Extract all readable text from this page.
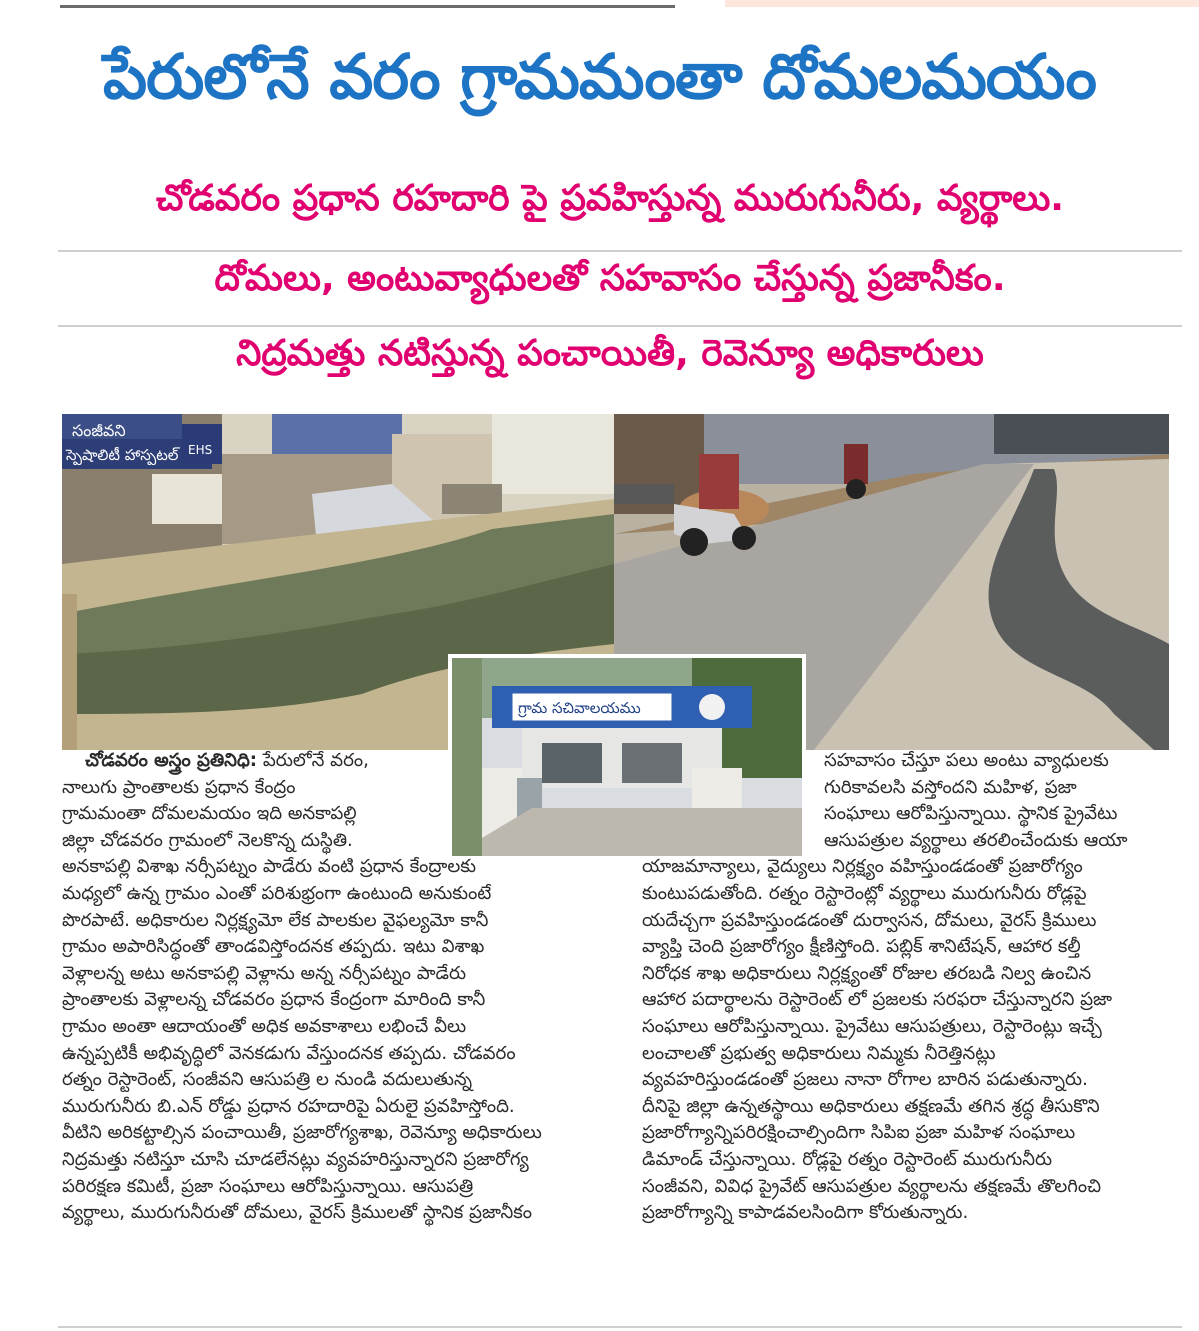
పేరులోనే వరం గ్రామమంతా దోమలమయం
చోడవరం ప్రధాన రహదారి పై ప్రవహిస్తున్న మురుగునీరు, వ్యర్థాలు.
దోమలు, అంటువ్యాధులతో సహవాసం చేస్తున్న ప్రజానీకం.
నిద్రమత్తు నటిస్తున్న పంచాయితీ, రెవెన్యూ అధికారులు
సంజీవని
స్పెషాలిటీ హాస్పటల్ EHS
గ్రామ సచివాలయము

చోడవరం అస్త్రం ప్రతినిధి: పేరులోనే వరం,

నాలుగు ప్రాంతాలకు ప్రధాన కేంద్రం

గ్రామమంతా దోమలమయం ఇది అనకాపల్లి

జిల్లా చోడవరం గ్రామంలో నెలకొన్న దుస్థితి.

అనకాపల్లి విశాఖ నర్సీపట్నం పాడేరు వంటి ప్రధాన కేంద్రాలకు

మధ్యలో ఉన్న గ్రామం ఎంతో పరిశుభ్రంగా ఉంటుంది అనుకుంటే

పొరపాటే. అధికారుల నిర్లక్ష్యమో లేక పాలకుల వైఫల్యమో కానీ

గ్రామం అపారిసిద్ధంతో తాండవిస్తోందనక తప్పదు. ఇటు విశాఖ

వెళ్లాలన్న అటు అనకాపల్లి వెళ్లాను అన్న నర్సీపట్నం పాడేరు

ప్రాంతాలకు వెళ్లాలన్న చోడవరం ప్రధాన కేంద్రంగా మారింది కానీ

గ్రామం అంతా ఆదాయంతో అధిక అవకాశాలు లభించే వీలు

ఉన్నప్పటికీ అభివృద్ధిలో వెనకడుగు వేస్తుందనక తప్పదు. చోడవరం

రత్నం రెస్టారెంట్, సంజీవని ఆసుపత్రి ల నుండి వదులుతున్న

మురుగునీరు బి.ఎన్ రోడ్డు ప్రధాన రహదారిపై ఏరులై ప్రవహిస్తోంది.

వీటిని అరికట్టాల్సిన పంచాయితీ, ప్రజారోగ్యశాఖ, రెవెన్యూ అధికారులు

నిద్రమత్తు నటిస్తూ చూసి చూడలేనట్లు వ్యవహరిస్తున్నారని ప్రజారోగ్య

పరిరక్షణ కమిటీ, ప్రజా సంఘాలు ఆరోపిస్తున్నాయి. ఆసుపత్రి

వ్యర్థాలు, మురుగునీరుతో దోమలు, వైరస్ క్రిములతో స్థానిక ప్రజానీకం

సహవాసం చేస్తూ పలు అంటు వ్యాధులకు

గురికావలసి వస్తోందని మహిళ, ప్రజా

సంఘాలు ఆరోపిస్తున్నాయి. స్థానిక ప్రైవేటు

ఆసుపత్రుల వ్యర్థాలు తరలించేందుకు ఆయా

యాజమాన్యాలు, వైద్యులు నిర్లక్ష్యం వహిస్తుండడంతో ప్రజారోగ్యం

కుంటుపడుతోంది. రత్నం రెస్టారెంట్లో వ్యర్థాలు మురుగునీరు రోడ్లపై

యదేచ్చగా ప్రవహిస్తుండడంతో దుర్వాసన, దోమలు, వైరస్ క్రిములు

వ్యాప్తి చెంది ప్రజారోగ్యం క్షీణిస్తోంది. పబ్లిక్ శానిటేషన్, ఆహార కల్తీ

నిరోధక శాఖ అధికారులు నిర్లక్ష్యంతో రోజుల తరబడి నిల్వ ఉంచిన

ఆహార పదార్థాలను రెస్టారెంట్ లో ప్రజలకు సరఫరా చేస్తున్నారని ప్రజా

సంఘాలు ఆరోపిస్తున్నాయి. ప్రైవేటు ఆసుపత్రులు, రెస్టారెంట్లు ఇచ్చే

లంచాలతో ప్రభుత్వ అధికారులు నిమ్మకు నీరెత్తినట్లు

వ్యవహరిస్తుండడంతో ప్రజలు నానా రోగాల బారిన పడుతున్నారు.

దీనిపై జిల్లా ఉన్నతస్థాయి అధికారులు తక్షణమే తగిన శ్రద్ధ తీసుకొని

ప్రజారోగ్యాన్నిపరిరక్షించాల్సిందిగా సిపిఐ ప్రజా మహిళ సంఘాలు

డిమాండ్ చేస్తున్నాయి. రోడ్లపై రత్నం రెస్టారెంట్ మురుగునీరు

సంజీవని, వివిధ ప్రైవేట్ ఆసుపత్రుల వ్యర్థాలను తక్షణమే తొలగించి

ప్రజారోగ్యాన్ని కాపాడవలసిందిగా కోరుతున్నారు.
